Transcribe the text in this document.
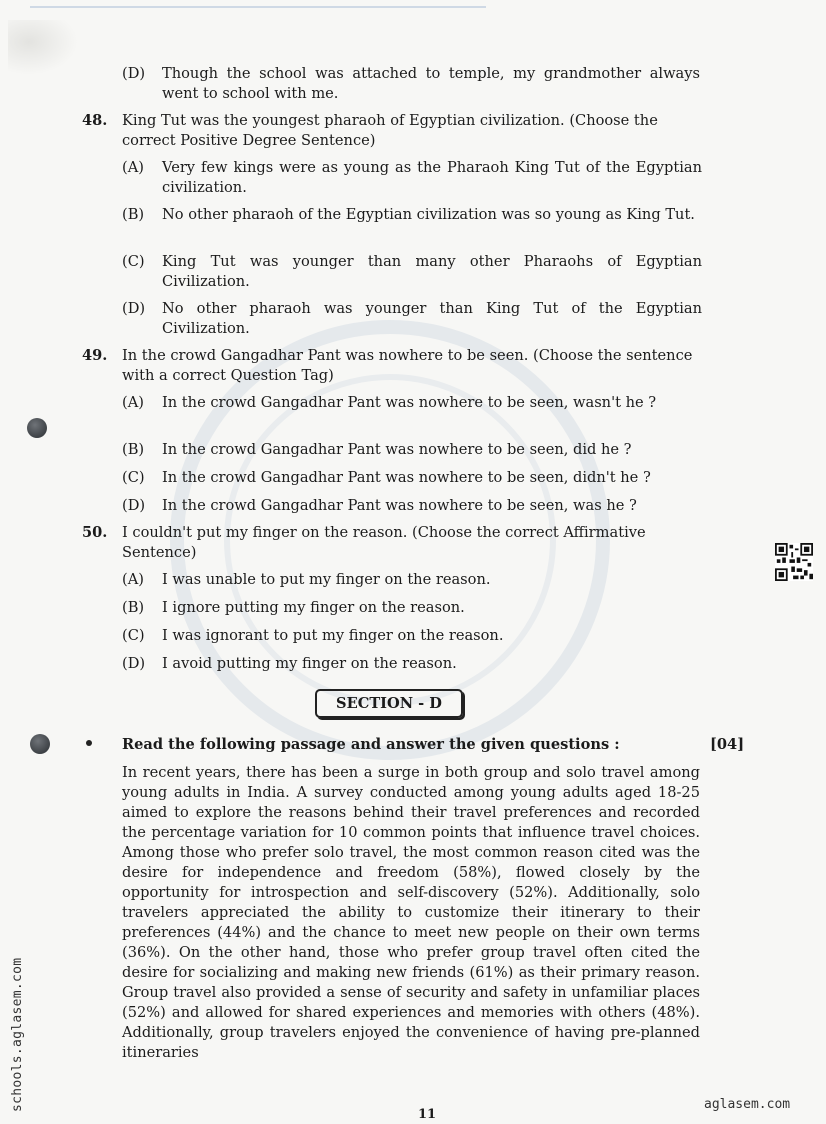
(D) Though the school was attached to temple, my grandmother always went to school with me.
48. King Tut was the youngest pharaoh of Egyptian civilization. (Choose the correct Positive Degree Sentence)
(A) Very few kings were as young as the Pharaoh King Tut of the Egyptian civilization.
(B) No other pharaoh of the Egyptian civilization was so young as King Tut.
(C) King Tut was younger than many other Pharaohs of Egyptian Civilization.
(D) No other pharaoh was younger than King Tut of the Egyptian Civilization.
49. In the crowd Gangadhar Pant was nowhere to be seen. (Choose the sentence with a correct Question Tag)
(A) In the crowd Gangadhar Pant was nowhere to be seen, wasn't he ?
(B) In the crowd Gangadhar Pant was nowhere to be seen, did he ?
(C) In the crowd Gangadhar Pant was nowhere to be seen, didn't he ?
(D) In the crowd Gangadhar Pant was nowhere to be seen, was he ?
50. I couldn't put my finger on the reason. (Choose the correct Affirmative Sentence)
(A) I was unable to put my finger on the reason.
(B) I ignore putting my finger on the reason.
(C) I was ignorant to put my finger on the reason.
(D) I avoid putting my finger on the reason.
SECTION - D
Read the following passage and answer the given questions :	[04]
In recent years, there has been a surge in both group and solo travel among young adults in India. A survey conducted among young adults aged 18-25 aimed to explore the reasons behind their travel preferences and recorded the percentage variation for 10 common points that influence travel choices. Among those who prefer solo travel, the most common reason cited was the desire for independence and freedom (58%), flowed closely by the opportunity for introspection and self-discovery (52%). Additionally, solo travelers appreciated the ability to customize their itinerary to their preferences (44%) and the chance to meet new people on their own terms (36%). On the other hand, those who prefer group travel often cited the desire for socializing and making new friends (61%) as their primary reason. Group travel also provided a sense of security and safety in unfamiliar places (52%) and allowed for shared experiences and memories with others (48%). Additionally, group travelers enjoyed the convenience of having pre-planned itineraries
11
schools.aglasem.com	aglasem.com
